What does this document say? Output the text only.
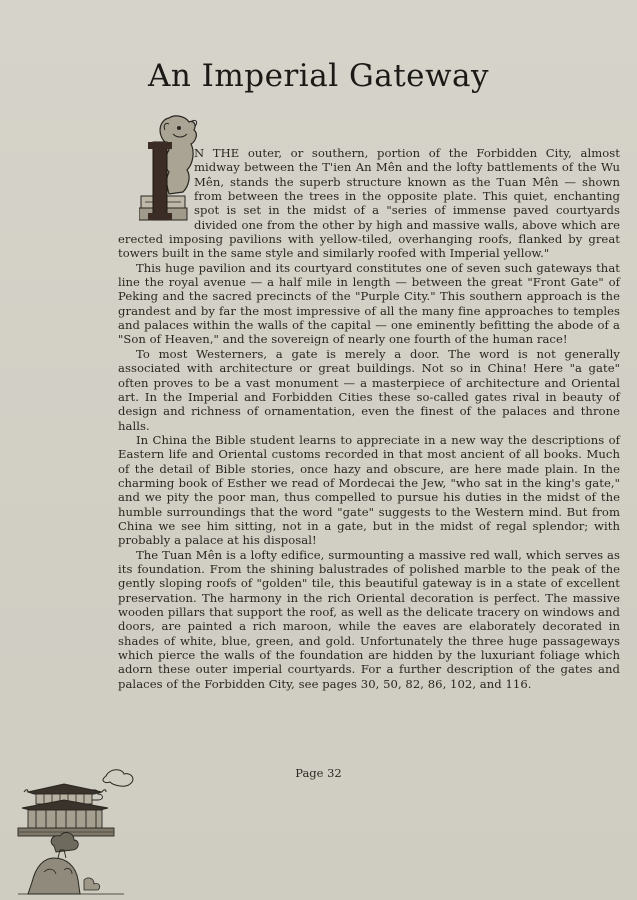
An Imperial Gateway
I

N THE outer, or southern, portion of the Forbidden City, almost midway between the T'ien An Mên and the lofty battlements of the Wu Mên, stands the superb structure known as the Tuan Mên — shown from between the trees in the opposite plate. This quiet, enchanting spot is set in the midst of a "series of immense paved courtyards divided one from the other by high and massive walls, above which are erected imposing pavilions with yellow-tiled, overhanging roofs, flanked by great towers built in the same style and similarly roofed with Imperial yellow."

This huge pavilion and its courtyard constitutes one of seven such gateways that line the royal avenue — a half mile in length — between the great "Front Gate" of Peking and the sacred precincts of the "Purple City." This southern approach is the grandest and by far the most impressive of all the many fine approaches to temples and palaces within the walls of the capital — one eminently befitting the abode of a "Son of Heaven," and the sovereign of nearly one fourth of the human race!

To most Westerners, a gate is merely a door. The word is not generally associated with architecture or great buildings. Not so in China! Here "a gate" often proves to be a vast monument — a masterpiece of architecture and Oriental art. In the Imperial and Forbidden Cities these so-called gates rival in beauty of design and richness of ornamentation, even the finest of the palaces and throne halls.

In China the Bible student learns to appreciate in a new way the descriptions of Eastern life and Oriental customs recorded in that most ancient of all books. Much of the detail of Bible stories, once hazy and obscure, are here made plain. In the charming book of Esther we read of Mordecai the Jew, "who sat in the king's gate," and we pity the poor man, thus compelled to pursue his duties in the midst of the humble surroundings that the word "gate" suggests to the Western mind. But from China we see him sitting, not in a gate, but in the midst of regal splendor; with probably a palace at his disposal!

The Tuan Mên is a lofty edifice, surmounting a massive red wall, which serves as its foundation. From the shining balustrades of polished marble to the peak of the gently sloping roofs of "golden" tile, this beautiful gateway is in a state of excellent preservation. The harmony in the rich Oriental decoration is perfect. The massive wooden pillars that support the roof, as well as the delicate tracery on windows and doors, are painted a rich maroon, while the eaves are elaborately decorated in shades of white, blue, green, and gold. Unfortunately the three huge passageways which pierce the walls of the foundation are hidden by the luxuriant foliage which adorn these outer imperial courtyards. For a further description of the gates and palaces of the Forbidden City, see pages 30, 50, 82, 86, 102, and 116.

Page 32
